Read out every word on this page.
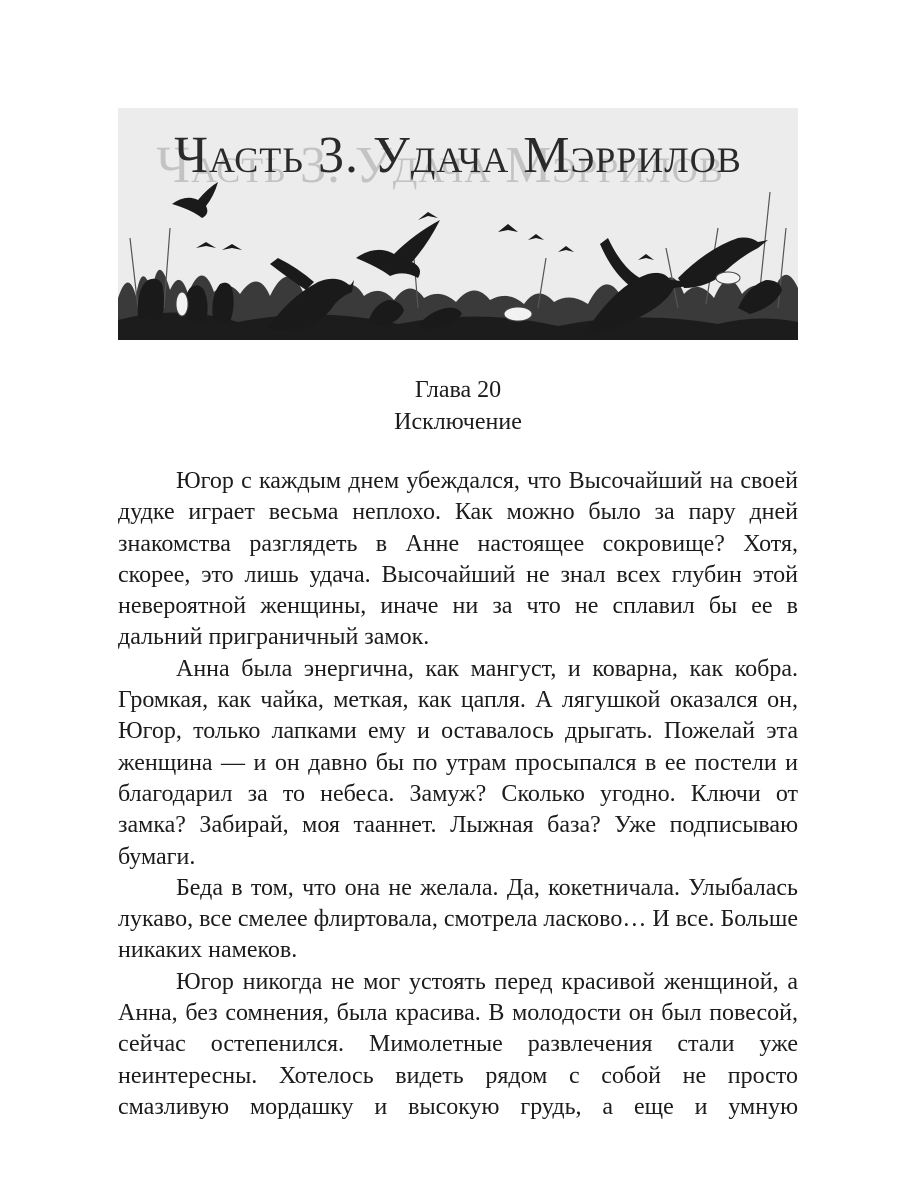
Часть 3. Удача Мэррилов
Глава 20
Исключение

Югор с каждым днем убеждался, что Высочайший на своей дудке играет весьма неплохо. Как можно было за пару дней знакомства разглядеть в Анне настоящее сокровище? Хотя, скорее, это лишь удача. Высочайший не знал всех глубин этой невероятной женщины, иначе ни за что не сплавил бы ее в дальний приграничный замок.

Анна была энергична, как мангуст, и коварна, как кобра. Громкая, как чайка, меткая, как цапля. А лягушкой оказался он, Югор, только лапками ему и оставалось дрыгать. Пожелай эта женщина — и он давно бы по утрам просыпался в ее постели и благодарил за то небеса. Замуж? Сколько угодно. Ключи от замка? Забирай, моя тааннет. Лыжная база? Уже подписываю бумаги.

Беда в том, что она не желала. Да, кокетничала. Улыбалась лукаво, все смелее флиртовала, смотрела ласково… И все. Больше никаких намеков.

Югор никогда не мог устоять перед красивой женщиной, а Анна, без сомнения, была красива. В молодости он был повесой, сейчас остепенился. Мимолетные развлечения стали уже неинтересны. Хотелось видеть рядом с собой не просто смазливую мордашку и высокую грудь, а еще и умную
